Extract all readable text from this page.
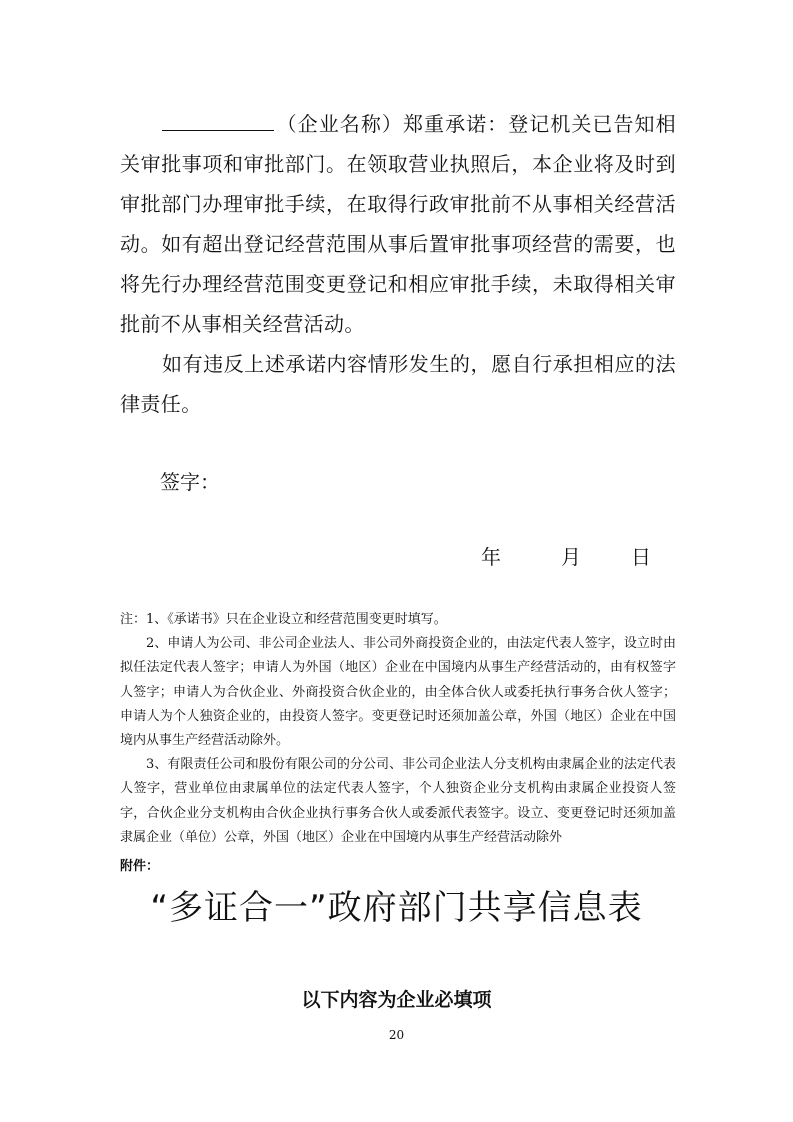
（企业名称）郑重承诺：登记机关已告知相关审批事项和审批部门。在领取营业执照后，本企业将及时到审批部门办理审批手续，在取得行政审批前不从事相关经营活动。如有超出登记经营范围从事后置审批事项经营的需要，也将先行办理经营范围变更登记和相应审批手续，未取得相关审批前不从事相关经营活动。
如有违反上述承诺内容情形发生的，愿自行承担相应的法律责任。
签字：
年	月	日

注：1、《承诺书》只在企业设立和经营范围变更时填写。

2、申请人为公司、非公司企业法人、非公司外商投资企业的，由法定代表人签字，设立时由拟任法定代表人签字；申请人为外国（地区）企业在中国境内从事生产经营活动的，由有权签字人签字；申请人为合伙企业、外商投资合伙企业的，由全体合伙人或委托执行事务合伙人签字；申请人为个人独资企业的，由投资人签字。变更登记时还须加盖公章，外国（地区）企业在中国境内从事生产经营活动除外。

3、有限责任公司和股份有限公司的分公司、非公司企业法人分支机构由隶属企业的法定代表人签字，营业单位由隶属单位的法定代表人签字，个人独资企业分支机构由隶属企业投资人签字，合伙企业分支机构由合伙企业执行事务合伙人或委派代表签字。设立、变更登记时还须加盖隶属企业（单位）公章，外国（地区）企业在中国境内从事生产经营活动除外

附件：
“多证合一”政府部门共享信息表
以下内容为企业必填项
20
